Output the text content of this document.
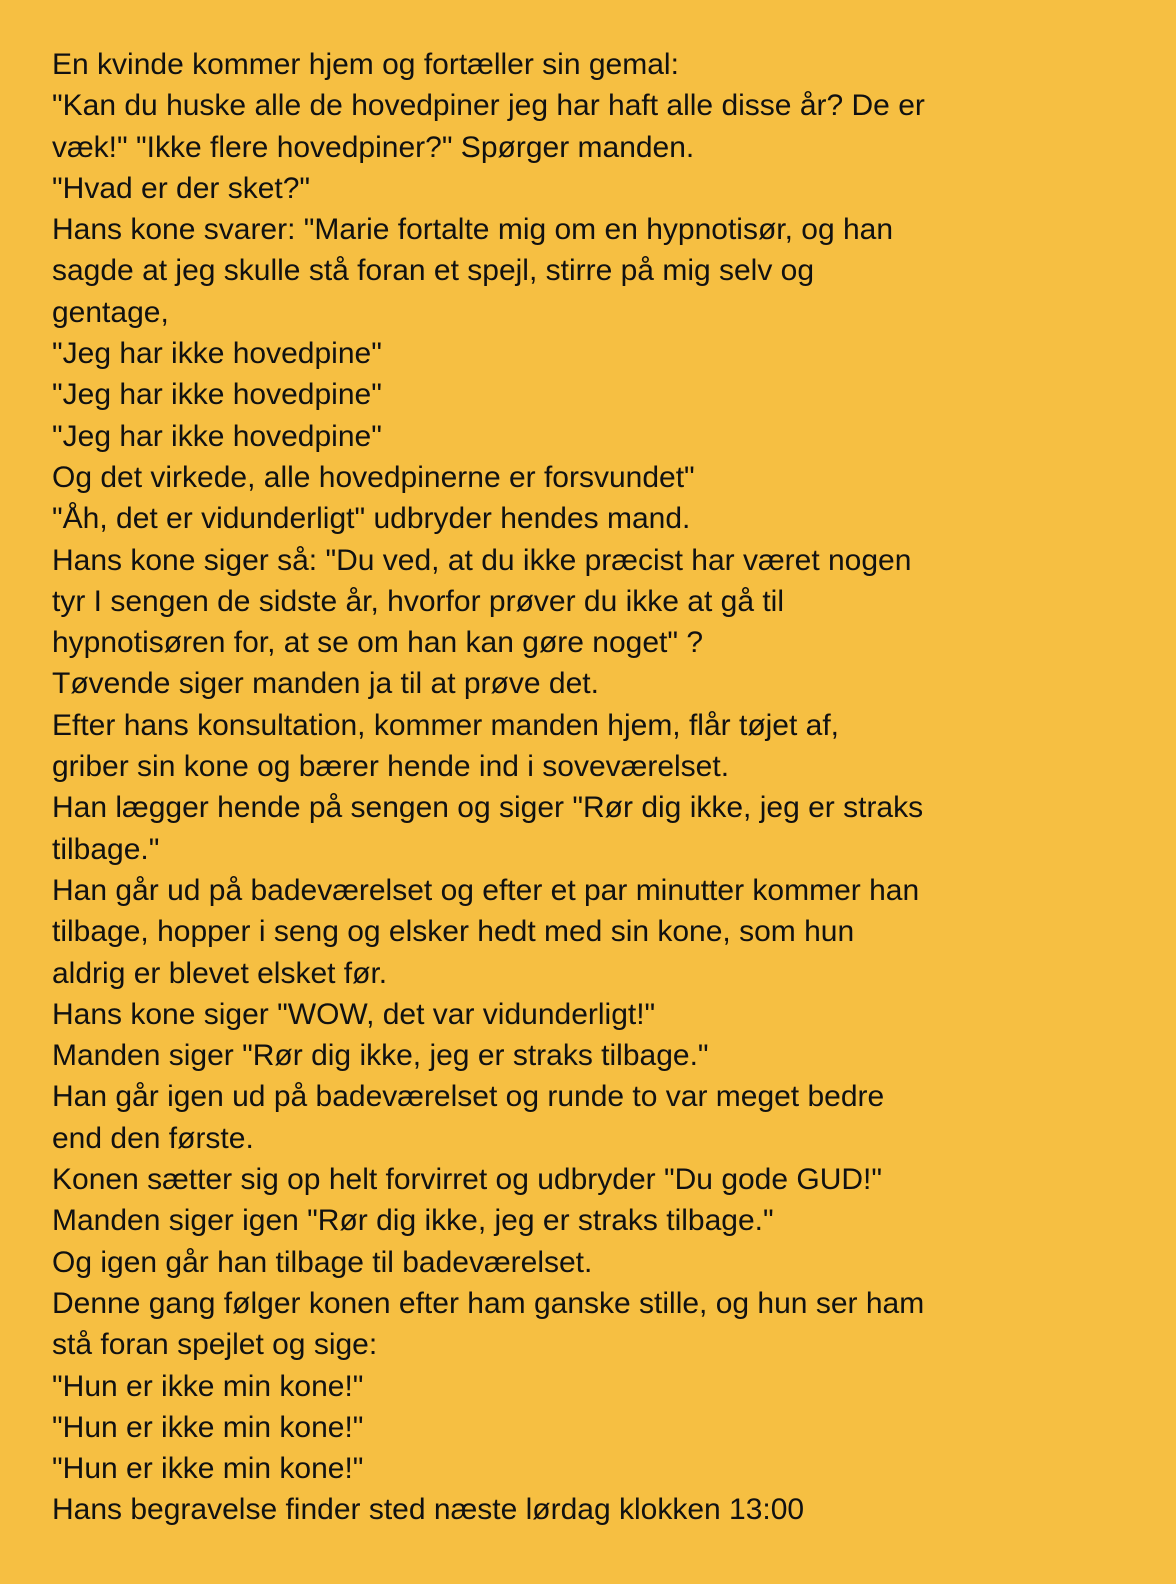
En kvinde kommer hjem og fortæller sin gemal:
"Kan du huske alle de hovedpiner jeg har haft alle disse år? De er
væk!" "Ikke flere hovedpiner?" Spørger manden.
"Hvad er der sket?"
Hans kone svarer: "Marie fortalte mig om en hypnotisør, og han
sagde at jeg skulle stå foran et spejl, stirre på mig selv og
gentage,
"Jeg har ikke hovedpine"
"Jeg har ikke hovedpine"
"Jeg har ikke hovedpine"
Og det virkede, alle hovedpinerne er forsvundet"
"Åh, det er vidunderligt" udbryder hendes mand.
Hans kone siger så: "Du ved, at du ikke præcist har været nogen
tyr I sengen de sidste år, hvorfor prøver du ikke at gå til
hypnotisøren for, at se om han kan gøre noget" ?
Tøvende siger manden ja til at prøve det.
Efter hans konsultation, kommer manden hjem, flår tøjet af,
griber sin kone og bærer hende ind i soveværelset.
Han lægger hende på sengen og siger "Rør dig ikke, jeg er straks
tilbage."
Han går ud på badeværelset og efter et par minutter kommer han
tilbage, hopper i seng og elsker hedt med sin kone, som hun
aldrig er blevet elsket før.
Hans kone siger "WOW, det var vidunderligt!"
Manden siger "Rør dig ikke, jeg er straks tilbage."
Han går igen ud på badeværelset og runde to var meget bedre
end den første.
Konen sætter sig op helt forvirret og udbryder "Du gode GUD!"
Manden siger igen "Rør dig ikke, jeg er straks tilbage."
Og igen går han tilbage til badeværelset.
Denne gang følger konen efter ham ganske stille, og hun ser ham
stå foran spejlet og sige:
"Hun er ikke min kone!"
"Hun er ikke min kone!"
"Hun er ikke min kone!"
Hans begravelse finder sted næste lørdag klokken 13:00
